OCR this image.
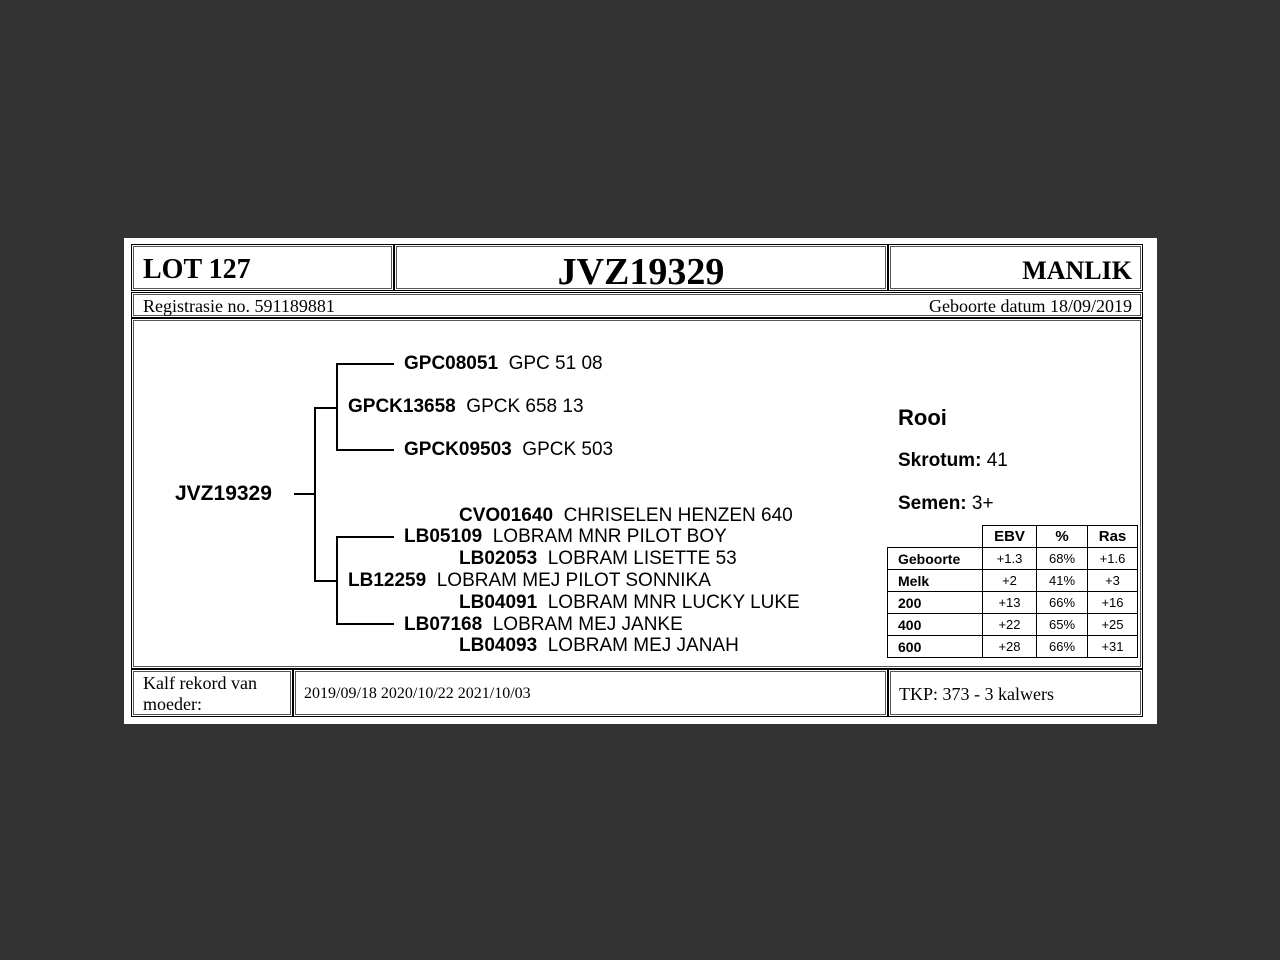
LOT 127	JVZ19329	MANLIK
Registrasie no. 591189881	Geboorte datum 18/09/2019
JVZ19329
GPC08051 GPC 51 08
GPCK13658 GPCK 658 13
GPCK09503 GPCK 503
CVO01640 CHRISELEN HENZEN 640
LB05109 LOBRAM MNR PILOT BOY
LB02053 LOBRAM LISETTE 53
LB12259 LOBRAM MEJ PILOT SONNIKA
LB04091 LOBRAM MNR LUCKY LUKE
LB07168 LOBRAM MEJ JANKE
LB04093 LOBRAM MEJ JANAH
Rooi
Skrotum: 41
Semen: 3+
	EBV	%	Ras
Geboorte	+1.3	68%	+1.6
Melk	+2	41%	+3
200	+13	66%	+16
400	+22	65%	+25
600	+28	66%	+31
Kalf rekord van moeder:
2019/09/18 2020/10/22 2021/10/03	TKP: 373 - 3 kalwers
